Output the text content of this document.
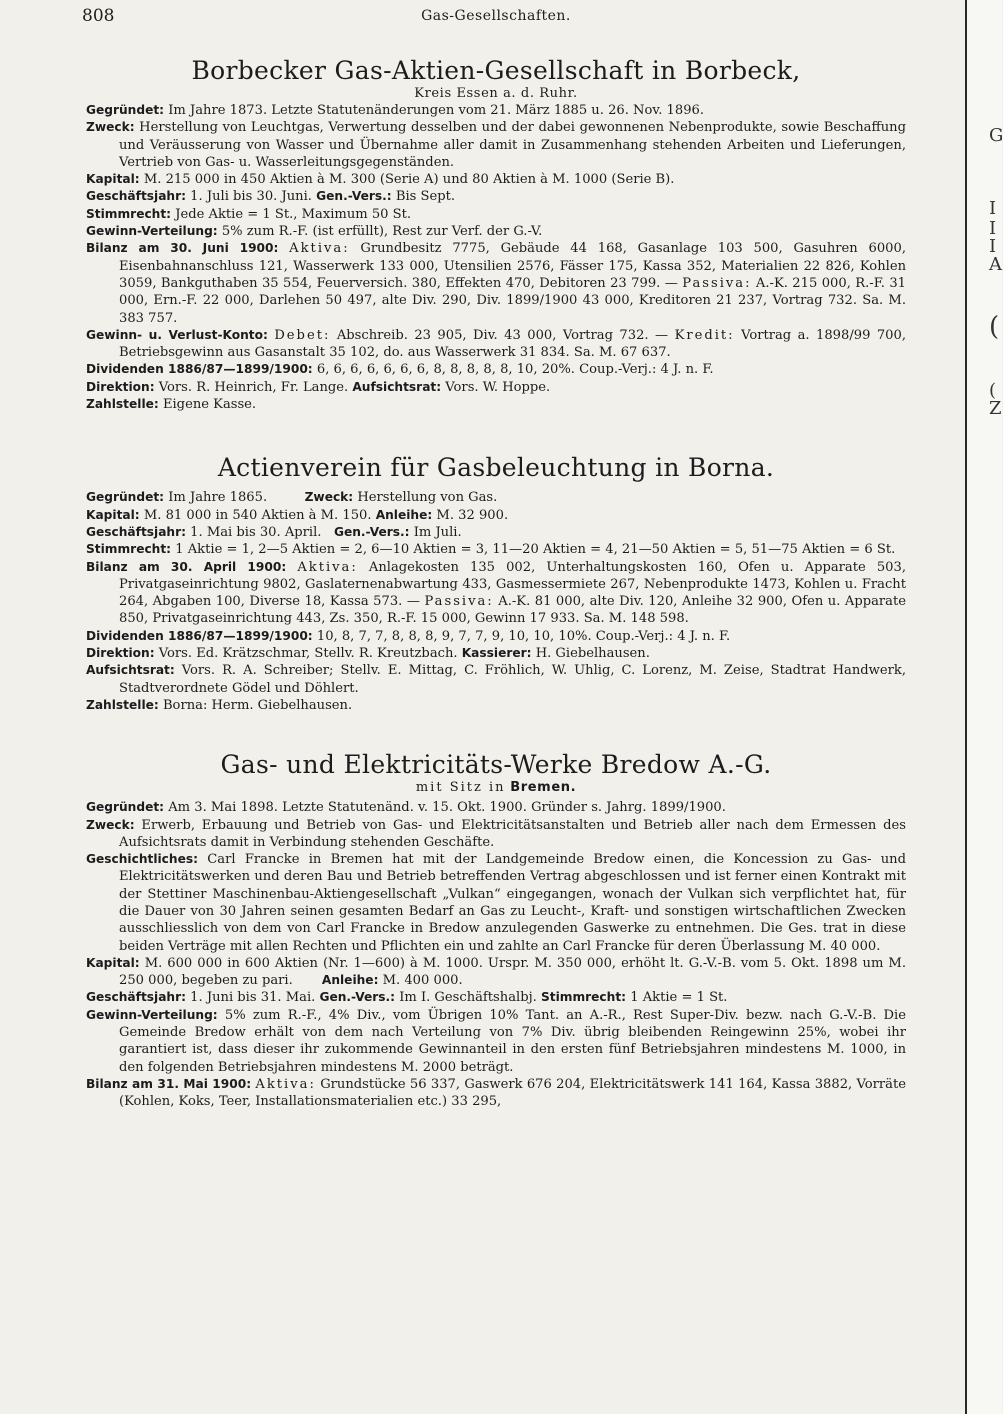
G
I
I
I
A
(
(
Z
808	Gas-Gesellschaften.
Borbecker Gas-Aktien-Gesellschaft in Borbeck,
Kreis Essen a. d. Ruhr.

Gegründet: Im Jahre 1873. Letzte Statutenänderungen vom 21. März 1885 u. 26. Nov. 1896.

Zweck: Herstellung von Leuchtgas, Verwertung desselben und der dabei gewonnenen Nebenprodukte, sowie Beschaffung und Veräusserung von Wasser und Übernahme aller damit in Zusammenhang stehenden Arbeiten und Lieferungen, Vertrieb von Gas- u. Wasserleitungsgegenständen.

Kapital: M. 215 000 in 450 Aktien à M. 300 (Serie A) und 80 Aktien à M. 1000 (Serie B).

Geschäftsjahr: 1. Juli bis 30. Juni. Gen.-Vers.: Bis Sept.

Stimmrecht: Jede Aktie = 1 St., Maximum 50 St.

Gewinn-Verteilung: 5% zum R.-F. (ist erfüllt), Rest zur Verf. der G.-V.

Bilanz am 30. Juni 1900: Aktiva: Grundbesitz 7775, Gebäude 44 168, Gasanlage 103 500, Gasuhren 6000, Eisenbahnanschluss 121, Wasserwerk 133 000, Utensilien 2576, Fässer 175, Kassa 352, Materialien 22 826, Kohlen 3059, Bankguthaben 35 554, Feuerversich. 380, Effekten 470, Debitoren 23 799. — Passiva: A.-K. 215 000, R.-F. 31 000, Ern.-F. 22 000, Darlehen 50 497, alte Div. 290, Div. 1899/1900 43 000, Kreditoren 21 237, Vortrag 732. Sa. M. 383 757.

Gewinn- u. Verlust-Konto: Debet: Abschreib. 23 905, Div. 43 000, Vortrag 732. — Kredit: Vortrag a. 1898/99 700, Betriebsgewinn aus Gasanstalt 35 102, do. aus Wasserwerk 31 834. Sa. M. 67 637.

Dividenden 1886/87—1899/1900: 6, 6, 6, 6, 6, 6, 6, 8, 8, 8, 8, 8, 10, 20%. Coup.-Verj.: 4 J. n. F.

Direktion: Vors. R. Heinrich, Fr. Lange. Aufsichtsrat: Vors. W. Hoppe.

Zahlstelle: Eigene Kasse.

Actienverein für Gasbeleuchtung in Borna.

Gegründet: Im Jahre 1865.	Zweck: Herstellung von Gas.

Kapital: M. 81 000 in 540 Aktien à M. 150. Anleihe: M. 32 900.

Geschäftsjahr: 1. Mai bis 30. April. Gen.-Vers.: Im Juli.

Stimmrecht: 1 Aktie = 1, 2—5 Aktien = 2, 6—10 Aktien = 3, 11—20 Aktien = 4, 21—50 Aktien = 5, 51—75 Aktien = 6 St.

Bilanz am 30. April 1900: Aktiva: Anlagekosten 135 002, Unterhaltungskosten 160, Ofen u. Apparate 503, Privatgaseinrichtung 9802, Gaslaternenabwartung 433, Gasmessermiete 267, Nebenprodukte 1473, Kohlen u. Fracht 264, Abgaben 100, Diverse 18, Kassa 573. — Passiva: A.-K. 81 000, alte Div. 120, Anleihe 32 900, Ofen u. Apparate 850, Privatgaseinrichtung 443, Zs. 350, R.-F. 15 000, Gewinn 17 933. Sa. M. 148 598.

Dividenden 1886/87—1899/1900: 10, 8, 7, 7, 8, 8, 8, 9, 7, 7, 9, 10, 10, 10%. Coup.-Verj.: 4 J. n. F.

Direktion: Vors. Ed. Krätzschmar, Stellv. R. Kreutzbach. Kassierer: H. Giebelhausen.

Aufsichtsrat: Vors. R. A. Schreiber; Stellv. E. Mittag, C. Fröhlich, W. Uhlig, C. Lorenz, M. Zeise, Stadtrat Handwerk, Stadtverordnete Gödel und Döhlert.

Zahlstelle: Borna: Herm. Giebelhausen.

Gas- und Elektricitäts-Werke Bredow A.-G.
mit Sitz in Bremen.

Gegründet: Am 3. Mai 1898. Letzte Statutenänd. v. 15. Okt. 1900. Gründer s. Jahrg. 1899/1900.

Zweck: Erwerb, Erbauung und Betrieb von Gas- und Elektricitätsanstalten und Betrieb aller nach dem Ermessen des Aufsichtsrats damit in Verbindung stehenden Geschäfte.

Geschichtliches: Carl Francke in Bremen hat mit der Landgemeinde Bredow einen, die Koncession zu Gas- und Elektricitätswerken und deren Bau und Betrieb betreffenden Vertrag abgeschlossen und ist ferner einen Kontrakt mit der Stettiner Maschinenbau-Aktiengesellschaft „Vulkan“ eingegangen, wonach der Vulkan sich verpflichtet hat, für die Dauer von 30 Jahren seinen gesamten Bedarf an Gas zu Leucht-, Kraft- und sonstigen wirtschaftlichen Zwecken ausschliesslich von dem von Carl Francke in Bredow anzulegenden Gaswerke zu entnehmen. Die Ges. trat in diese beiden Verträge mit allen Rechten und Pflichten ein und zahlte an Carl Francke für deren Überlassung M. 40 000.

Kapital: M. 600 000 in 600 Aktien (Nr. 1—600) à M. 1000. Urspr. M. 350 000, erhöht lt. G.-V.-B. vom 5. Okt. 1898 um M. 250 000, begeben zu pari. Anleihe: M. 400 000.

Geschäftsjahr: 1. Juni bis 31. Mai. Gen.-Vers.: Im I. Geschäftshalbj. Stimmrecht: 1 Aktie = 1 St.

Gewinn-Verteilung: 5% zum R.-F., 4% Div., vom Übrigen 10% Tant. an A.-R., Rest Super-Div. bezw. nach G.-V.-B. Die Gemeinde Bredow erhält von dem nach Verteilung von 7% Div. übrig bleibenden Reingewinn 25%, wobei ihr garantiert ist, dass dieser ihr zukommende Gewinnanteil in den ersten fünf Betriebsjahren mindestens M. 1000, in den folgenden Betriebsjahren mindestens M. 2000 beträgt.

Bilanz am 31. Mai 1900: Aktiva: Grundstücke 56 337, Gaswerk 676 204, Elektricitätswerk 141 164, Kassa 3882, Vorräte (Kohlen, Koks, Teer, Installationsmaterialien etc.) 33 295,
